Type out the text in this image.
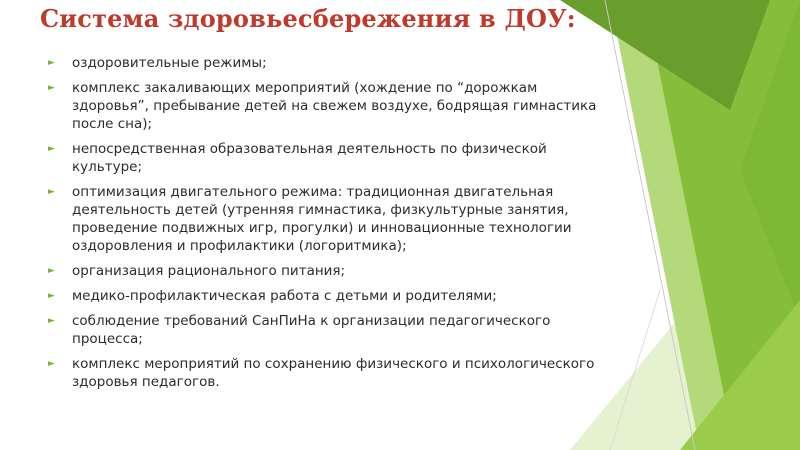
Система здоровьесбережения в ДОУ:
► оздоровительные режимы;
► комплекс закаливающих мероприятий (хождение по “дорожкам здоровья”, пребывание детей на свежем воздухе, бодрящая гимнастика после сна);
► непосредственная образовательная деятельность по физической культуре;
► оптимизация двигательного режима: традиционная двигательная деятельность детей (утренняя гимнастика, физкультурные занятия, проведение подвижных игр, прогулки) и инновационные технологии оздоровления и профилактики (логоритмика);
► организация рационального питания;
► медико-профилактическая работа с детьми и родителями;
► соблюдение требований СанПиНа к организации педагогического процесса;
► комплекс мероприятий по сохранению физического и психологического здоровья педагогов.
